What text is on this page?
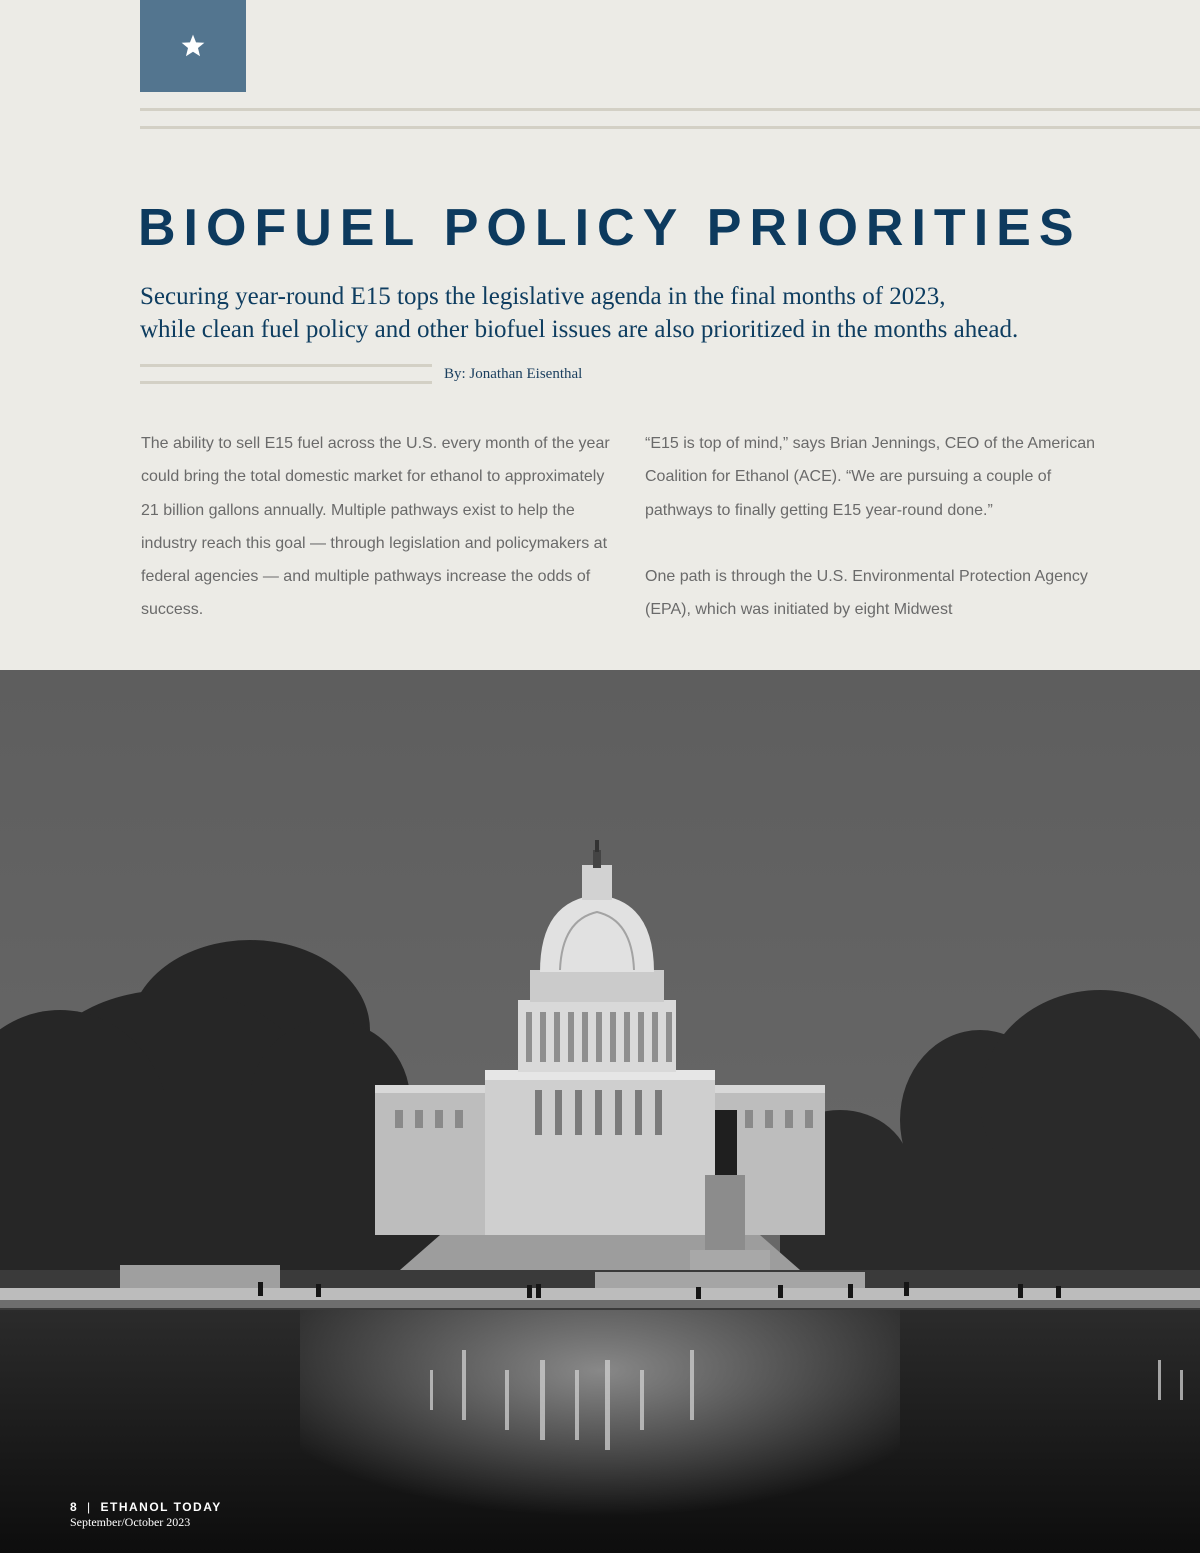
BIOFUEL POLICY PRIORITIES
Securing year-round E15 tops the legislative agenda in the final months of 2023,
while clean fuel policy and other biofuel issues are also prioritized in the months ahead.
By: Jonathan Eisenthal

The ability to sell E15 fuel across the U.S. every month of the year could bring the total domestic market for ethanol to approximately 21 billion gallons annually. Multiple pathways exist to help the industry reach this goal — through legislation and policymakers at federal agencies — and multiple pathways increase the odds of success.

“E15 is top of mind,” says Brian Jennings, CEO of the American Coalition for Ethanol (ACE). “We are pursuing a couple of pathways to finally getting E15 year-round done.”

One path is through the U.S. Environmental Protection Agency (EPA), which was initiated by eight Midwest

8 | ETHANOL TODAY
September/October 2023
